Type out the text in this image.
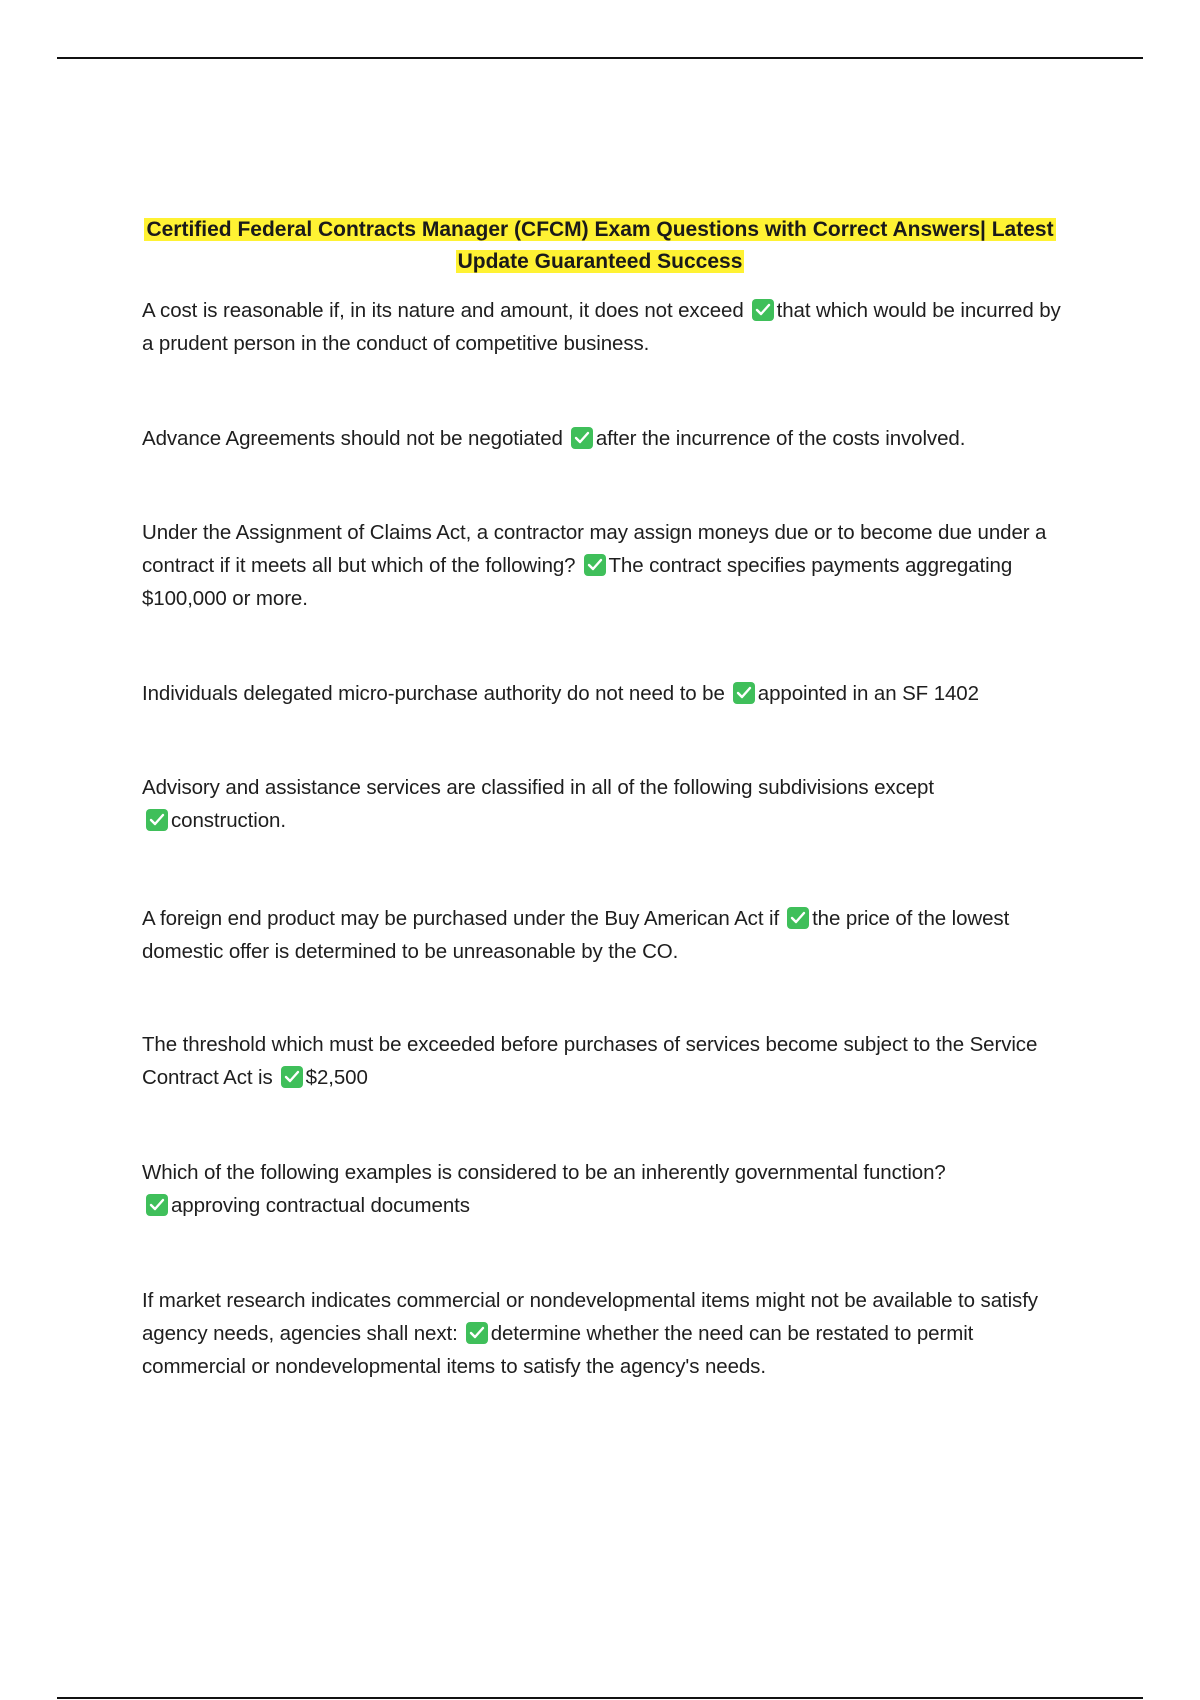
Certified Federal Contracts Manager (CFCM) Exam Questions with Correct Answers| Latest
Update Guaranteed Success
A cost is reasonable if, in its nature and amount, it does not exceed that which would be incurred by a prudent person in the conduct of competitive business.
Advance Agreements should not be negotiated after the incurrence of the costs involved.
Under the Assignment of Claims Act, a contractor may assign moneys due or to become due under a contract if it meets all but which of the following? The contract specifies payments aggregating $100,000 or more.
Individuals delegated micro-purchase authority do not need to be appointed in an SF 1402
Advisory and assistance services are classified in all of the following subdivisions except

construction.
A foreign end product may be purchased under the Buy American Act if the price of the lowest domestic offer is determined to be unreasonable by the CO.
The threshold which must be exceeded before purchases of services become subject to the Service Contract Act is $2,500
Which of the following examples is considered to be an inherently governmental function?

approving contractual documents
If market research indicates commercial or nondevelopmental items might not be available to satisfy agency needs, agencies shall next: determine whether the need can be restated to permit commercial or nondevelopmental items to satisfy the agency's needs.
